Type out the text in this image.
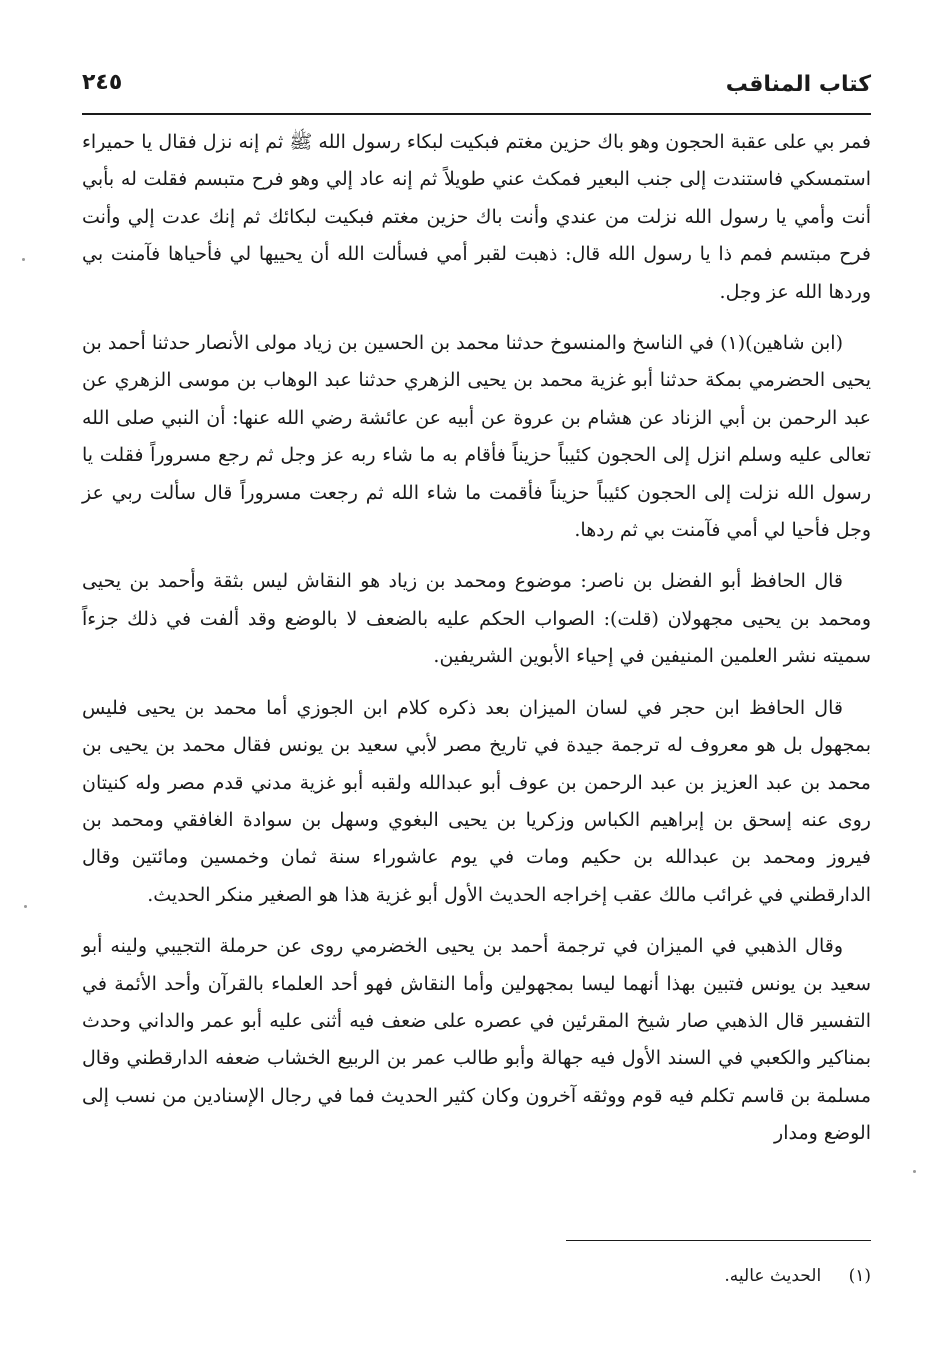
كتاب المناقب
٢٤٥

فمر بي على عقبة الحجون وهو باك حزين مغتم فبكيت لبكاء رسول الله ﷺ ثم إنه نزل فقال يا حميراء استمسكي فاستندت إلى جنب البعير فمكث عني طويلاً ثم إنه عاد إلي وهو فرح متبسم فقلت له بأبي أنت وأمي يا رسول الله نزلت من عندي وأنت باك حزين مغتم فبكيت لبكائك ثم إنك عدت إلي وأنت فرح مبتسم فمم ذا يا رسول الله قال: ذهبت لقبر أمي فسألت الله أن يحييها لي فأحياها فآمنت بي وردها الله عز وجل.

(ابن شاهين)(١) في الناسخ والمنسوخ حدثنا محمد بن الحسين بن زياد مولى الأنصار حدثنا أحمد بن يحيى الحضرمي بمكة حدثنا أبو غزية محمد بن يحيى الزهري حدثنا عبد الوهاب بن موسى الزهري عن عبد الرحمن بن أبي الزناد عن هشام بن عروة عن أبيه عن عائشة رضي الله عنها: أن النبي صلى الله تعالى عليه وسلم انزل إلى الحجون كئيباً حزيناً فأقام به ما شاء ربه عز وجل ثم رجع مسروراً فقلت يا رسول الله نزلت إلى الحجون كئيباً حزيناً فأقمت ما شاء الله ثم رجعت مسروراً قال سألت ربي عز وجل فأحيا لي أمي فآمنت بي ثم ردها.

قال الحافظ أبو الفضل بن ناصر: موضوع ومحمد بن زياد هو النقاش ليس بثقة وأحمد بن يحيى ومحمد بن يحيى مجهولان (قلت): الصواب الحكم عليه بالضعف لا بالوضع وقد ألفت في ذلك جزءاً سميته نشر العلمين المنيفين في إحياء الأبوين الشريفين.

قال الحافظ ابن حجر في لسان الميزان بعد ذكره كلام ابن الجوزي أما محمد بن يحيى فليس بمجهول بل هو معروف له ترجمة جيدة في تاريخ مصر لأبي سعيد بن يونس فقال محمد بن يحيى بن محمد بن عبد العزيز بن عبد الرحمن بن عوف أبو عبدالله ولقبه أبو غزية مدني قدم مصر وله كنيتان روى عنه إسحق بن إبراهيم الكباس وزكريا بن يحيى البغوي وسهل بن سوادة الغافقي ومحمد بن فيروز ومحمد بن عبدالله بن حكيم ومات في يوم عاشوراء سنة ثمان وخمسين ومائتين وقال الدارقطني في غرائب مالك عقب إخراجه الحديث الأول أبو غزية هذا هو الصغير منكر الحديث.

وقال الذهبي في الميزان في ترجمة أحمد بن يحيى الخضرمي روى عن حرملة التجيبي ولينه أبو سعيد بن يونس فتبين بهذا أنهما ليسا بمجهولين وأما النقاش فهو أحد العلماء بالقرآن وأحد الأئمة في التفسير قال الذهبي صار شيخ المقرئين في عصره على ضعف فيه أثنى عليه أبو عمر والداني وحدث بمناكير والكعبي في السند الأول فيه جهالة وأبو طالب عمر بن الربيع الخشاب ضعفه الدارقطني وقال مسلمة بن قاسم تكلم فيه قوم ووثقه آخرون وكان كثير الحديث فما في رجال الإسنادين من نسب إلى الوضع ومدار

(١) الحديث عاليه.
